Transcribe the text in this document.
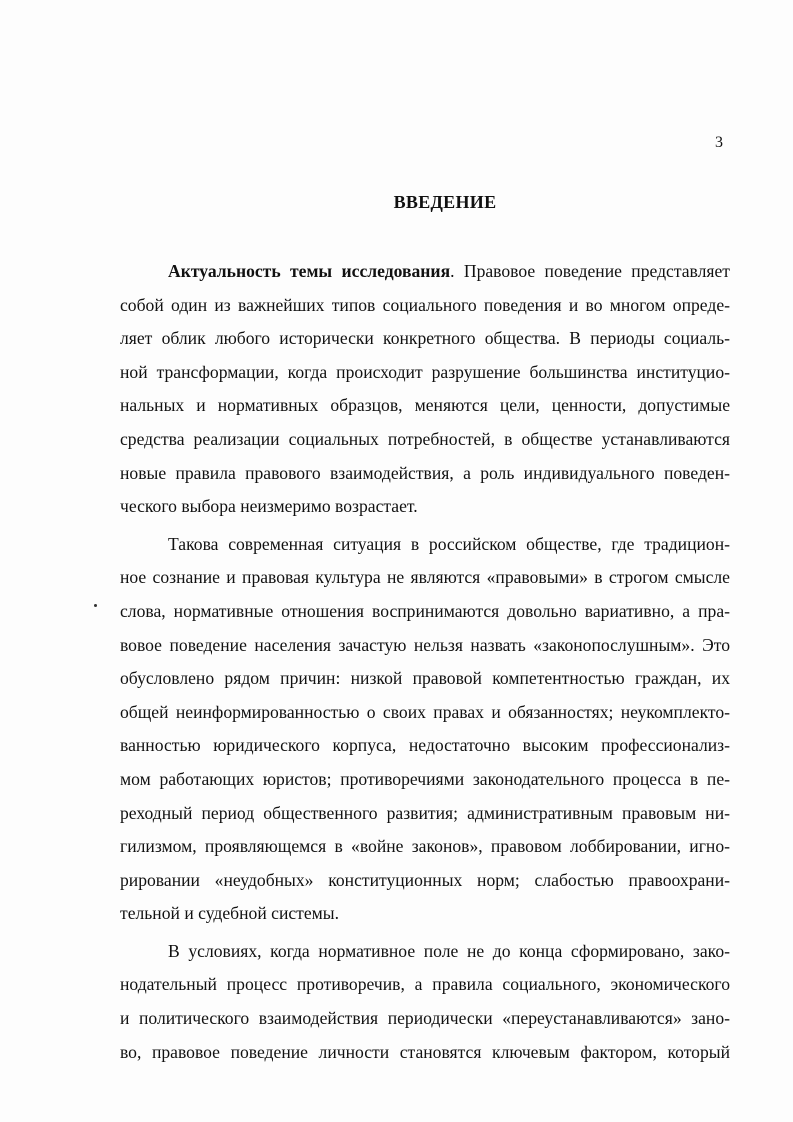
3
ВВЕДЕНИЕ
Актуальность темы исследования. Правовое поведение представляет
собой один из важнейших типов социального поведения и во многом опреде-
ляет облик любого исторически конкретного общества. В периоды социаль-
ной трансформации, когда происходит разрушение большинства институцио-
нальных и нормативных образцов, меняются цели, ценности, допустимые
средства реализации социальных потребностей, в обществе устанавливаются
новые правила правового взаимодействия, а роль индивидуального поведен-
ческого выбора неизмеримо возрастает.
Такова современная ситуация в российском обществе, где традицион-
ное сознание и правовая культура не являются «правовыми» в строгом смысле
слова, нормативные отношения воспринимаются довольно вариативно, а пра-
вовое поведение населения зачастую нельзя назвать «законопослушным». Это
обусловлено рядом причин: низкой правовой компетентностью граждан, их
общей неинформированностью о своих правах и обязанностях; неукомплекто-
ванностью юридического корпуса, недостаточно высоким профессионализ-
мом работающих юристов; противоречиями законодательного процесса в пе-
реходный период общественного развития; административным правовым ни-
гилизмом, проявляющемся в «войне законов», правовом лоббировании, игно-
рировании «неудобных» конституционных норм; слабостью правоохрани-
тельной и судебной системы.
В условиях, когда нормативное поле не до конца сформировано, зако-
нодательный процесс противоречив, а правила социального, экономического
и политического взаимодействия периодически «переустанавливаются» зано-
во, правовое поведение личности становятся ключевым фактором, который
